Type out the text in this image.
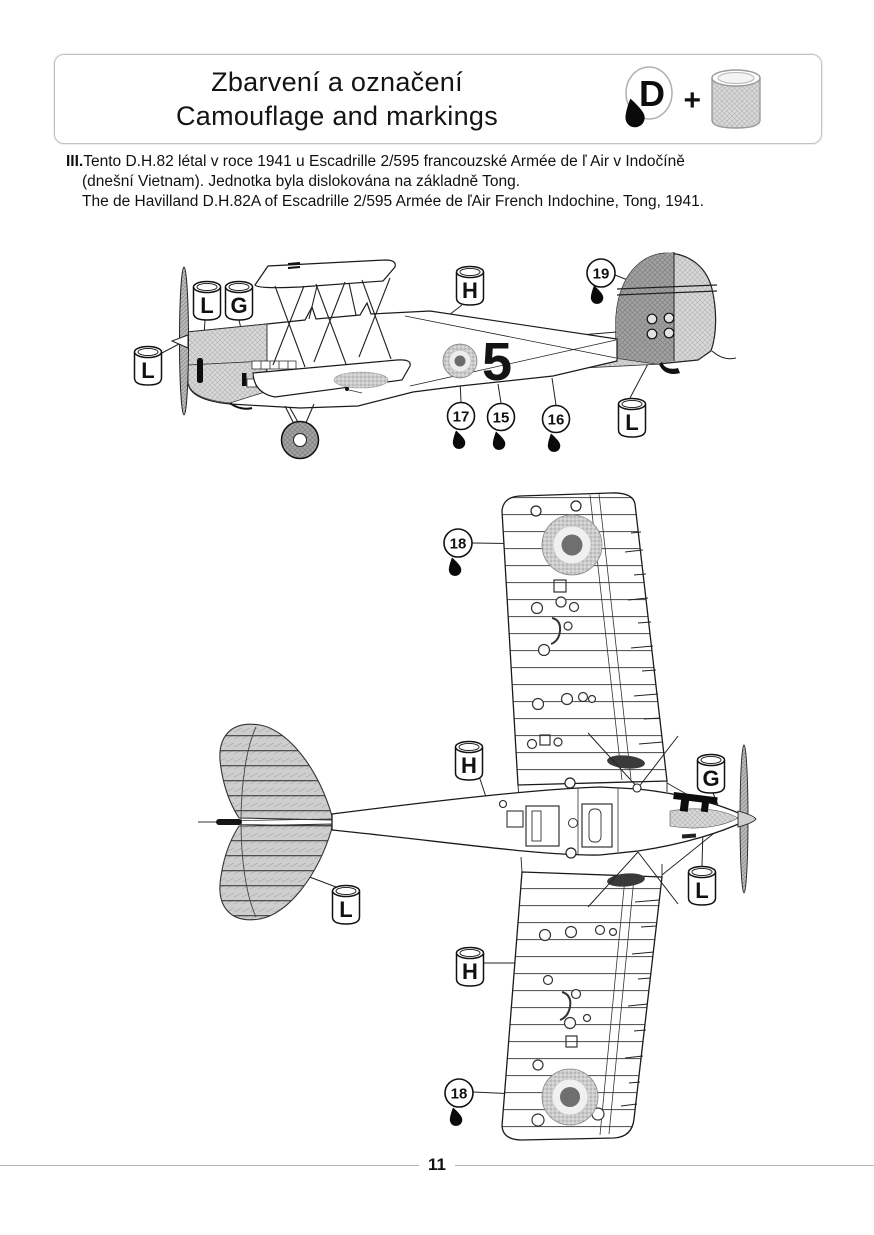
Zbarvení a označení
Camouflage and markings
D +
III.Tento D.H.82 létal v roce 1941 u Escadrille 2/595 francouzské Armée de ľ Air v Indočíně
(dnešní Vietnam). Jednotka byla dislokována na základně Tong.
The de Havilland D.H.82A of Escadrille 2/595 Armée de ľAir French Indochine, Tong, 1941.
5
L
L G
H
L
19
17 15	16
H
L
G
L
H
18
18
11
